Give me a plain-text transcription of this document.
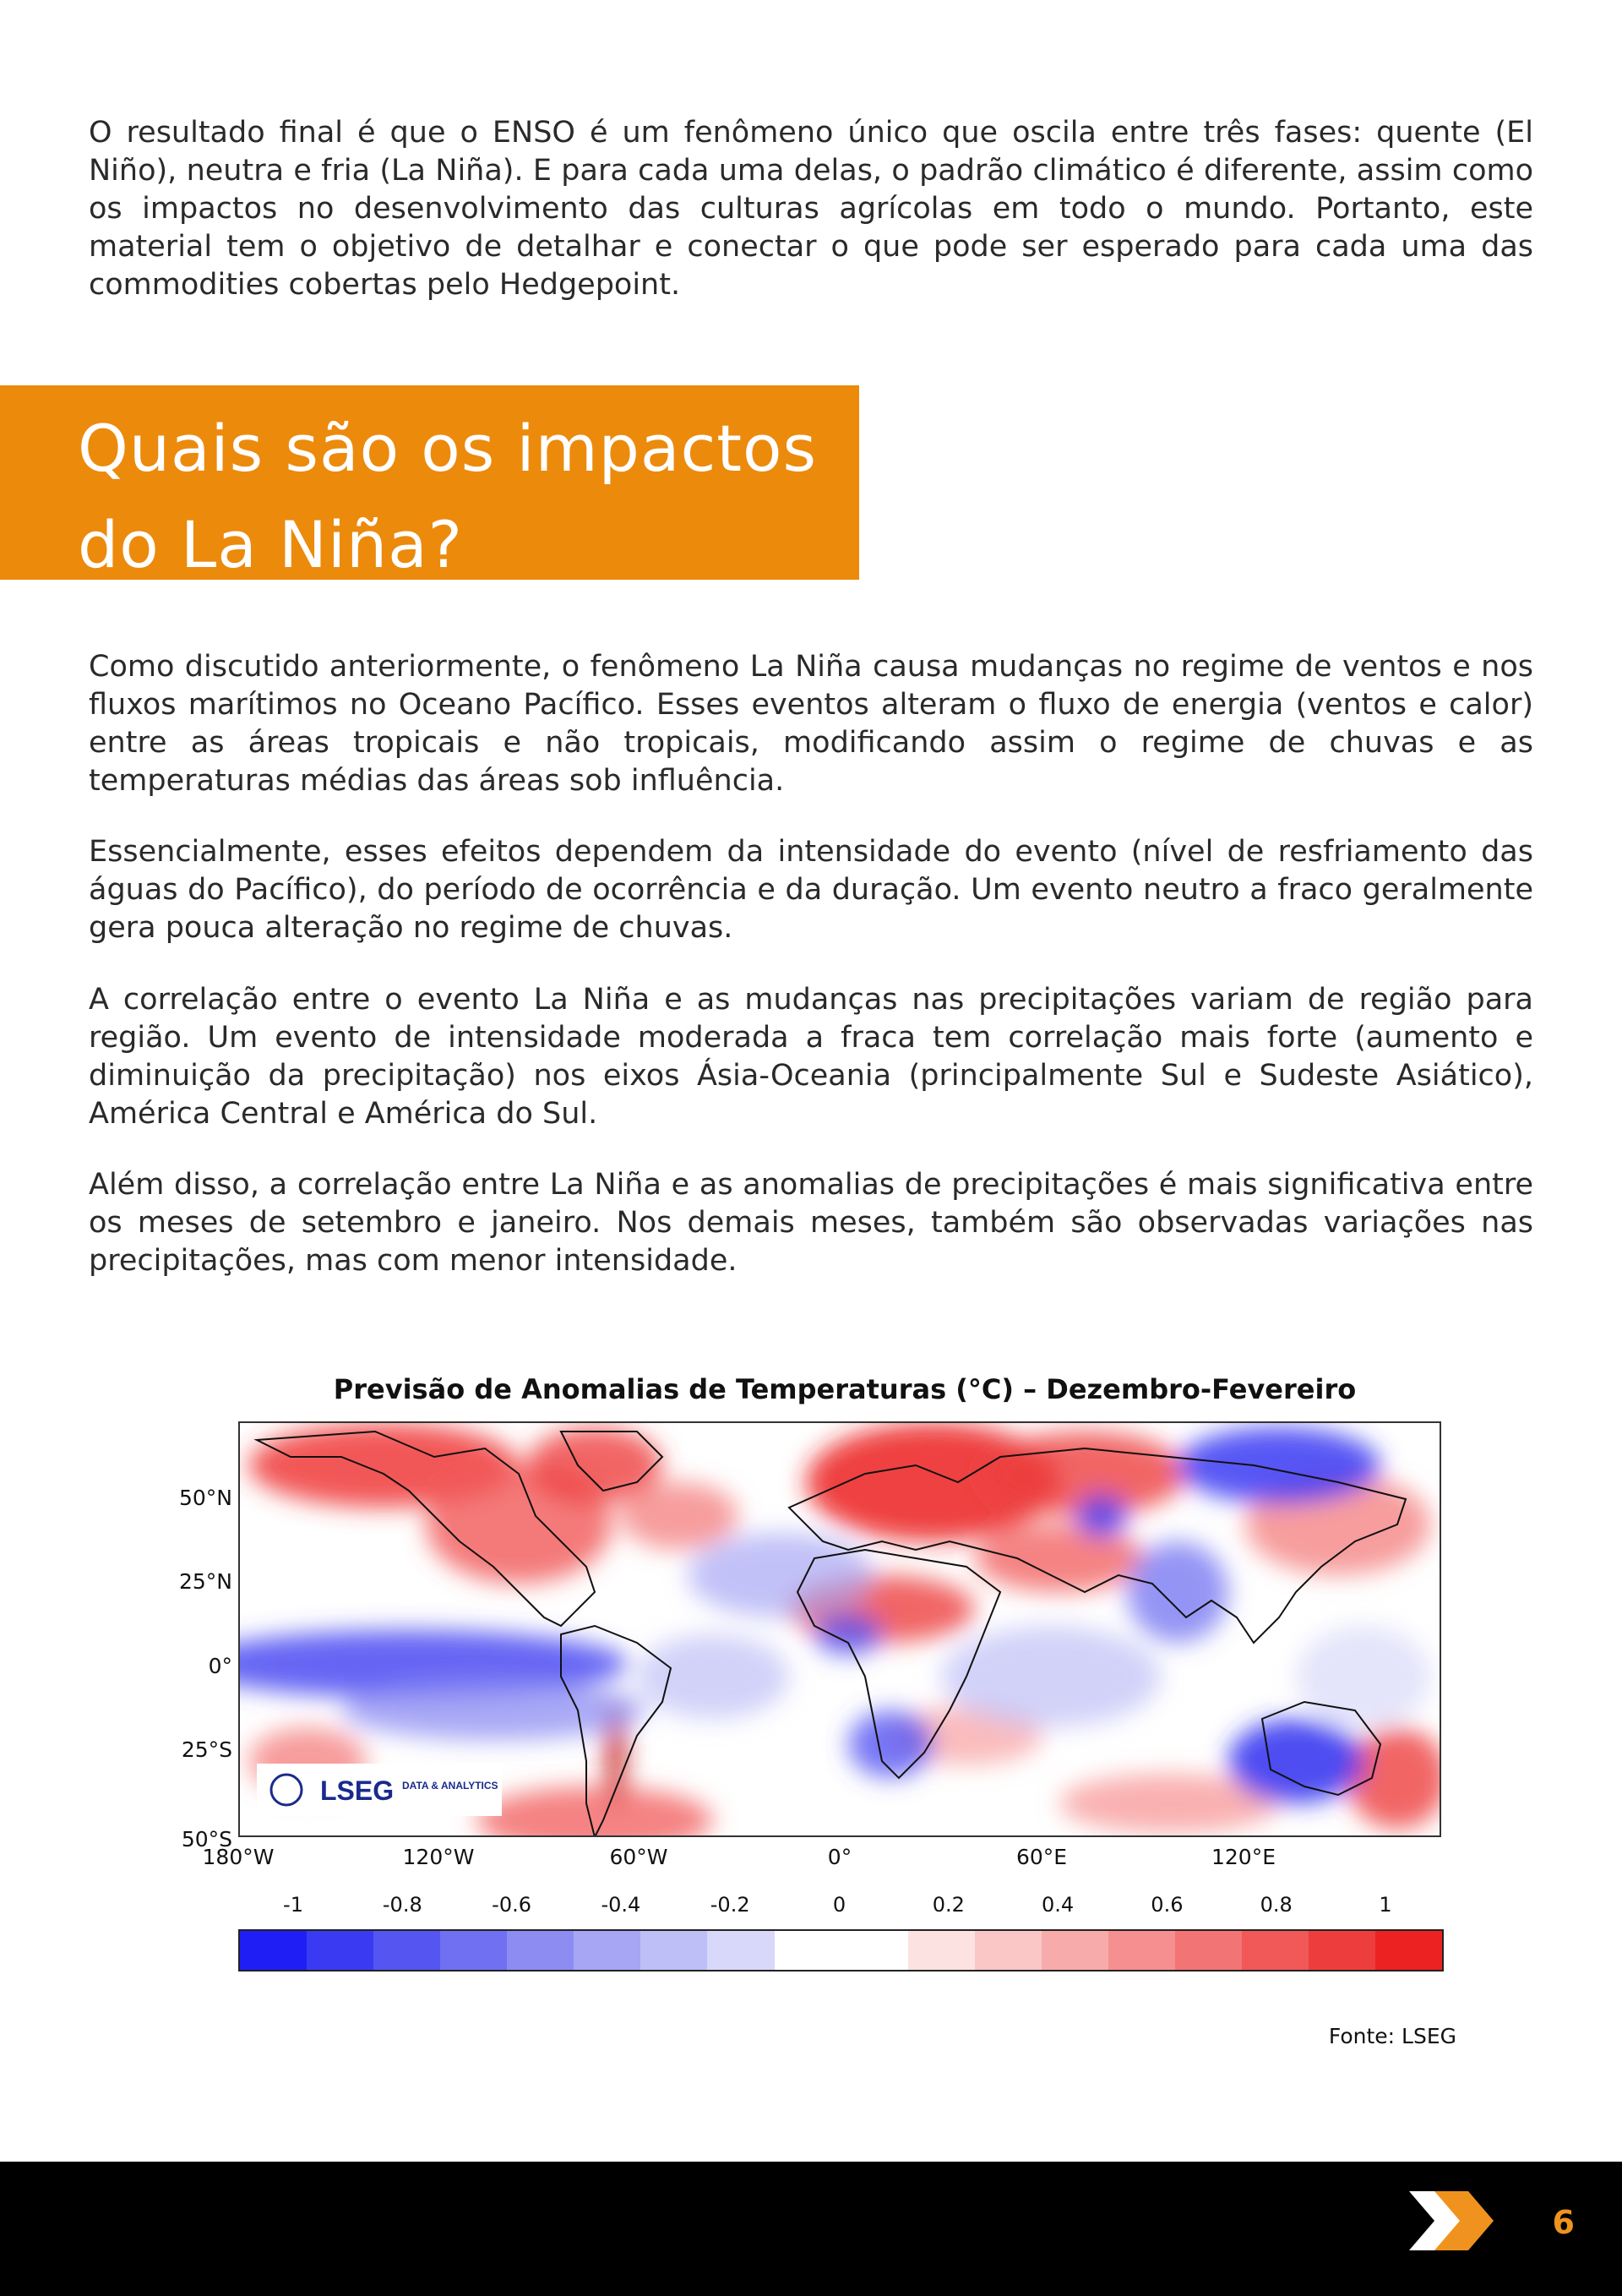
O resultado final é que o ENSO é um fenômeno único que oscila entre três fases: quente (El Niño), neutra e fria (La Niña). E para cada uma delas, o padrão climático é diferente, assim como os impactos no desenvolvimento das culturas agrícolas em todo o mundo. Portanto, este material tem o objetivo de detalhar e conectar o que pode ser esperado para cada uma das commodities cobertas pelo Hedgepoint.

Quais são os impactos
do La Niña?

Como discutido anteriormente, o fenômeno La Niña causa mudanças no regime de ventos e nos fluxos marítimos no Oceano Pacífico. Esses eventos alteram o fluxo de energia (ventos e calor) entre as áreas tropicais e não tropicais, modificando assim o regime de chuvas e as temperaturas médias das áreas sob influência.

Essencialmente, esses efeitos dependem da intensidade do evento (nível de resfriamento das águas do Pacífico), do período de ocorrência e da duração. Um evento neutro a fraco geralmente gera pouca alteração no regime de chuvas.

A correlação entre o evento La Niña e as mudanças nas precipitações variam de região para região. Um evento de intensidade moderada a fraca tem correlação mais forte (aumento e diminuição da precipitação) nos eixos Ásia-Oceania (principalmente Sul e Sudeste Asiático), América Central e América do Sul.

Além disso, a correlação entre La Niña e as anomalias de precipitações é mais significativa entre os meses de setembro e janeiro. Nos demais meses, também são observadas variações nas precipitações, mas com menor intensidade.

Previsão de Anomalias de Temperaturas (°C) – Dezembro-Fevereiro
LSEG DATA & ANALYTICS
50°N
25°N
0°
25°S
50°S
180°W	120°W	60°W	0°	60°E	120°E
-1	-0.8	-0.6	-0.4	-0.2	0	0.2	0.4	0.6	0.8	1

Fonte: LSEG

6
